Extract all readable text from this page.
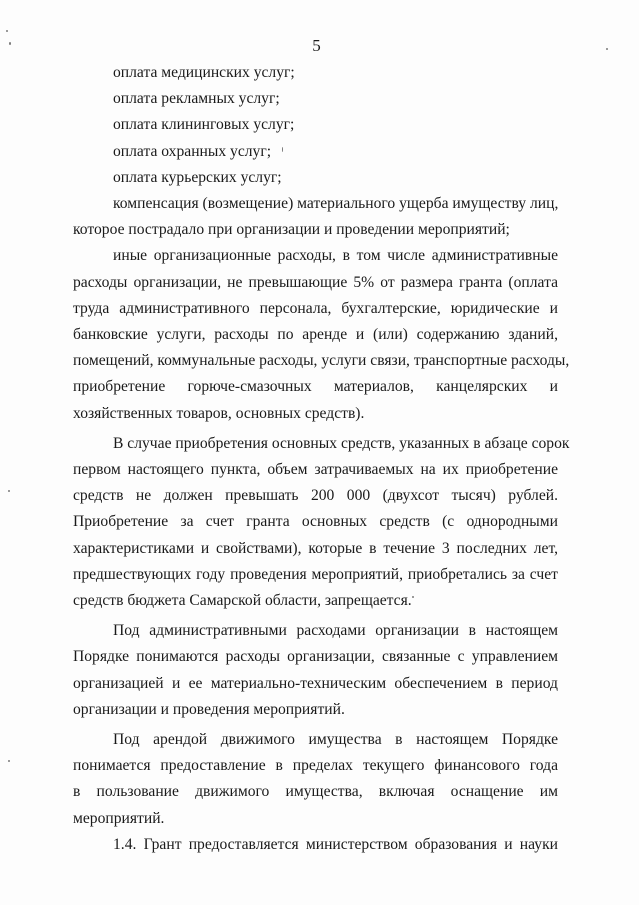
5
оплата медицинских услуг;
оплата рекламных услуг;
оплата клининговых услуг;
оплата охранных услуг;
оплата курьерских услуг;

компенсация (возмещение) материального ущерба имуществу лиц,
которое пострадало при организации и проведении мероприятий;

иные организационные расходы, в том числе административные
расходы организации, не превышающие 5% от размера гранта (оплата
труда административного персонала, бухгалтерские, юридические и
банковские услуги, расходы по аренде и (или) содержанию зданий,
помещений, коммунальные расходы, услуги связи, транспортные расходы,
приобретение горюче-смазочных материалов, канцелярских и
хозяйственных товаров, основных средств).

В случае приобретения основных средств, указанных в абзаце сорок
первом настоящего пункта, объем затрачиваемых на их приобретение
средств не должен превышать 200 000 (двухсот тысяч) рублей.
Приобретение за счет гранта основных средств (с однородными
характеристиками и свойствами), которые в течение 3 последних лет,
предшествующих году проведения мероприятий, приобретались за счет
средств бюджета Самарской области, запрещается.

Под административными расходами организации в настоящем
Порядке понимаются расходы организации, связанные с управлением
организацией и ее материально-техническим обеспечением в период
организации и проведения мероприятий.

Под арендой движимого имущества в настоящем Порядке
понимается предоставление в пределах текущего финансового года
в пользование движимого имущества, включая оснащение им
мероприятий.

1.4. Грант предоставляется министерством образования и науки
